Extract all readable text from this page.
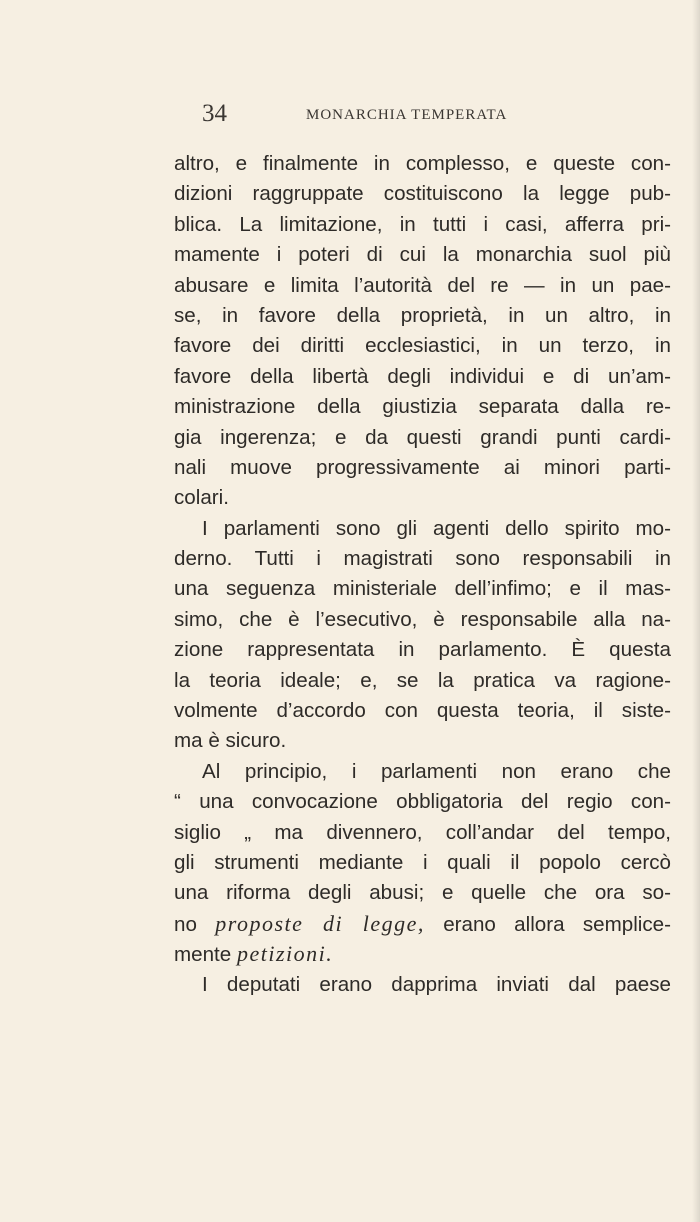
34	MONARCHIA TEMPERATA
altro, e finalmente in complesso, e queste con-
dizioni raggruppate costituiscono la legge pub-
blica. La limitazione, in tutti i casi, afferra pri-
mamente i poteri di cui la monarchia suol più
abusare e limita l’autorità del re — in un pae-
se, in favore della proprietà, in un altro, in
favore dei diritti ecclesiastici, in un terzo, in
favore della libertà degli individui e di un’am-
ministrazione della giustizia separata dalla re-
gia ingerenza; e da questi grandi punti cardi-
nali muove progressivamente ai minori parti-
colari.
I parlamenti sono gli agenti dello spirito mo-
derno. Tutti i magistrati sono responsabili in
una seguenza ministeriale dell’infimo; e il mas-
simo, che è l’esecutivo, è responsabile alla na-
zione rappresentata in parlamento. È questa
la teoria ideale; e, se la pratica va ragione-
volmente d’accordo con questa teoria, il siste-
ma è sicuro.
Al principio, i parlamenti non erano che
“ una convocazione obbligatoria del regio con-
siglio „ ma divennero, coll’andar del tempo,
gli strumenti mediante i quali il popolo cercò
una riforma degli abusi; e quelle che ora so-
no proposte di legge, erano allora semplice-
mente petizioni.
I deputati erano dapprima inviati dal paese
